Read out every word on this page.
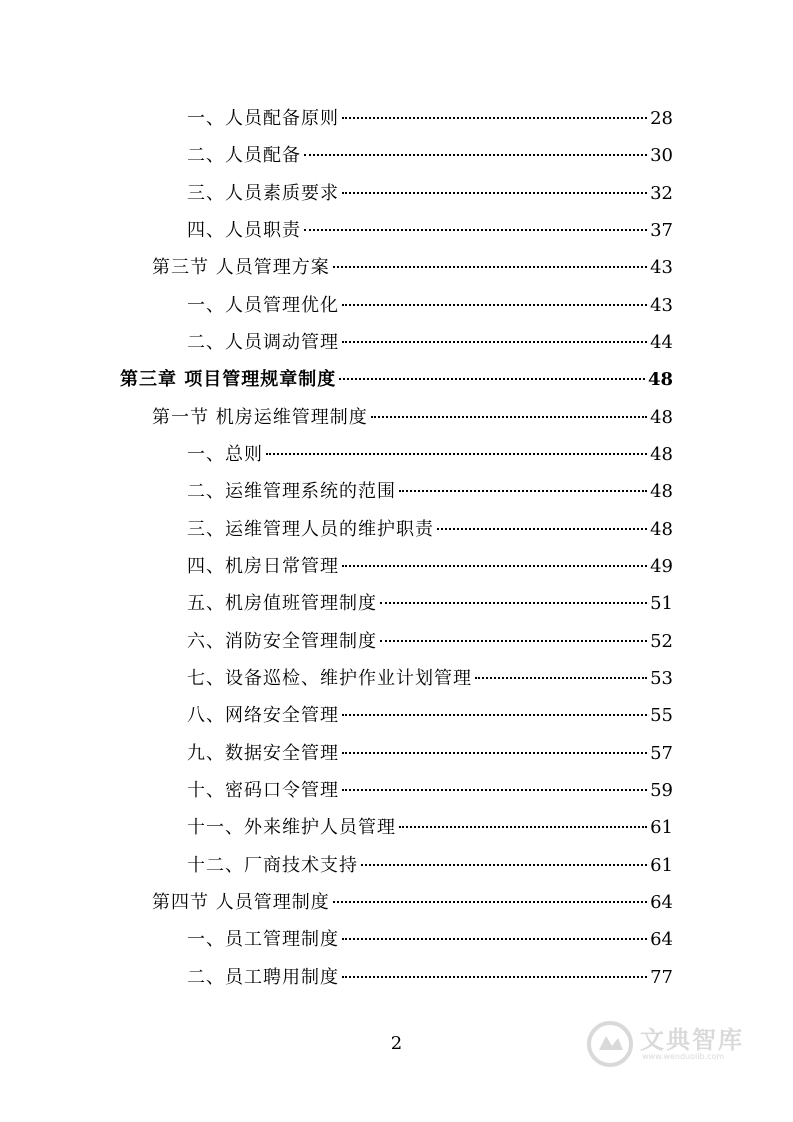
一、人员配备原则	28
二、人员配备	30
三、人员素质要求	32
四、人员职责	37
第三节 人员管理方案	43
一、人员管理优化	43
二、人员调动管理	44
第三章 项目管理规章制度	48
第一节 机房运维管理制度	48
一、总则	48
二、运维管理系统的范围	48
三、运维管理人员的维护职责	48
四、机房日常管理	49
五、机房值班管理制度	51
六、消防安全管理制度	52
七、设备巡检、维护作业计划管理	53
八、网络安全管理	55
九、数据安全管理	57
十、密码口令管理	59
十一、外来维护人员管理	61
十二、厂商技术支持	61
第四节 人员管理制度	64
一、员工管理制度	64
二、员工聘用制度	77
2	文典智库
www.wenduolib.com
